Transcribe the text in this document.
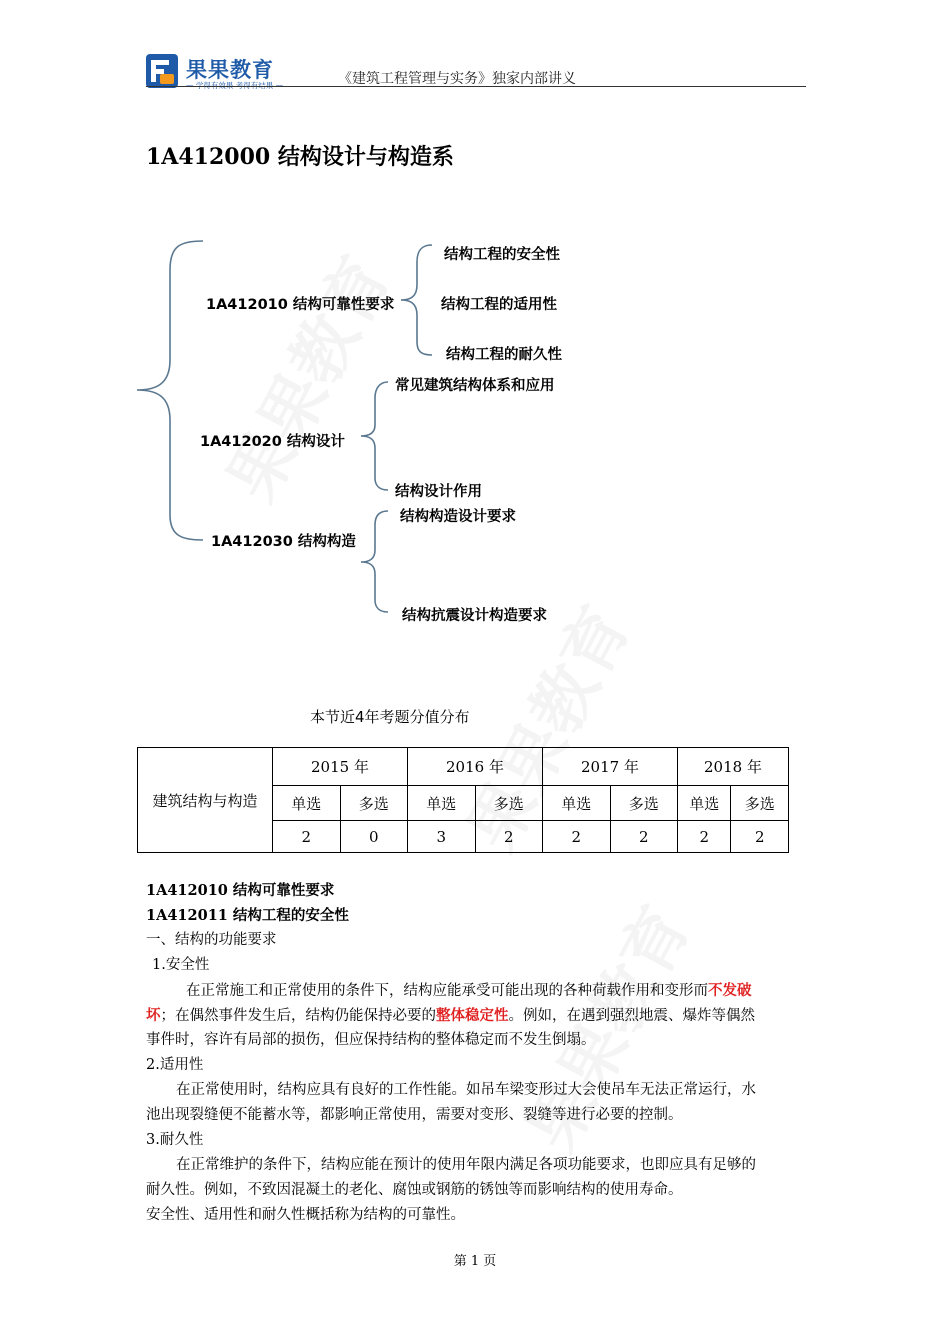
果果教育
— 学得有效果 考得有结果 —	《建筑工程管理与实务》独家内部讲义
1A412000 结构设计与构造系
1A412010 结构可靠性要求
结构工程的安全性
结构工程的适用性
结构工程的耐久性
1A412020 结构设计
常见建筑结构体系和应用
结构设计作用
1A412030 结构构造
结构构造设计要求
结构抗震设计构造要求
本节近4年考题分值分布
建筑结构与构造	2015 年		2016 年		2017 年		2018 年	
	单选	多选	单选	多选	单选	多选	单选	多选
	2	0	3	2	2	2	2	2
1A412010 结构可靠性要求
1A412011 结构工程的安全性
一、结构的功能要求
1.安全性
在正常施工和正常使用的条件下，结构应能承受可能出现的各种荷载作用和变形而不发破
坏；在偶然事件发生后，结构仍能保持必要的整体稳定性。例如，在遇到强烈地震、爆炸等偶然
事件时，容许有局部的损伤，但应保持结构的整体稳定而不发生倒塌。
2.适用性
在正常使用时，结构应具有良好的工作性能。如吊车梁变形过大会使吊车无法正常运行，水
池出现裂缝便不能蓄水等，都影响正常使用，需要对变形、裂缝等进行必要的控制。
3.耐久性
在正常维护的条件下，结构应能在预计的使用年限内满足各项功能要求，也即应具有足够的
耐久性。例如，不致因混凝土的老化、腐蚀或钢筋的锈蚀等而影响结构的使用寿命。
安全性、适用性和耐久性概括称为结构的可靠性。
第 1 页
